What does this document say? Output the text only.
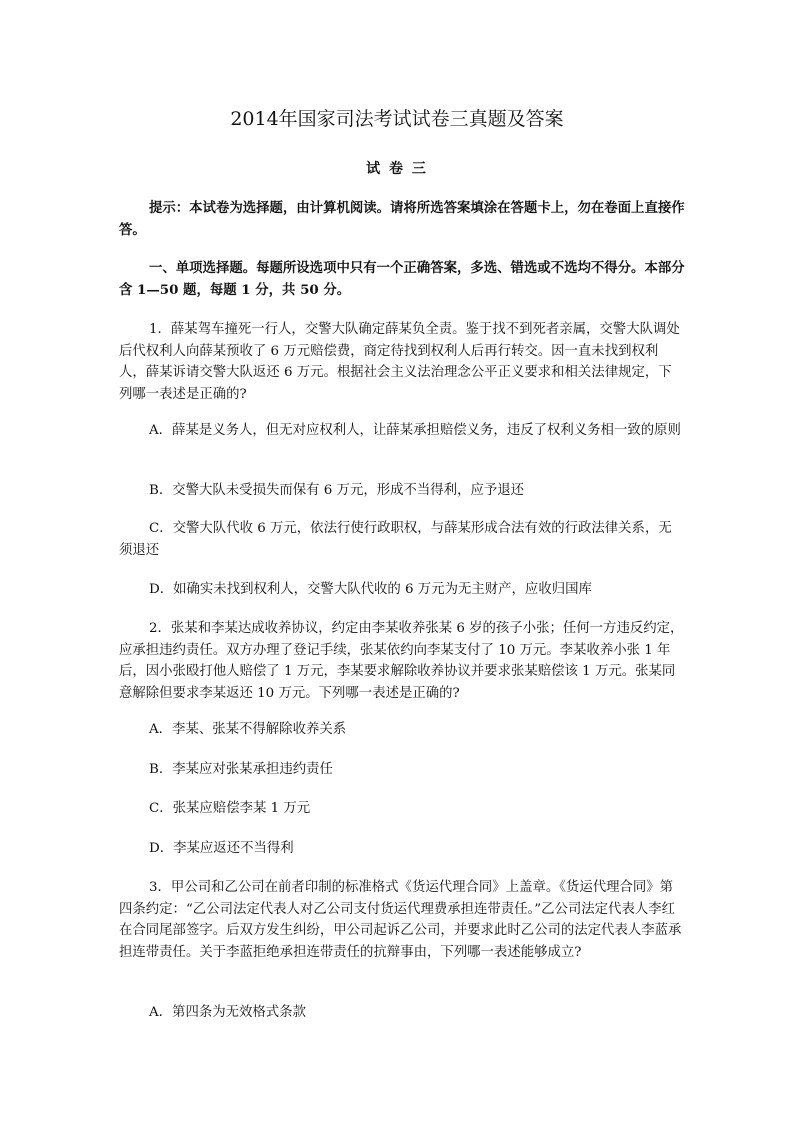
2014年国家司法考试试卷三真题及答案
试 卷 三

提示：本试卷为选择题，由计算机阅读。请将所选答案填涂在答题卡上，勿在卷面上直接作答。

一、单项选择题。每题所设选项中只有一个正确答案，多选、错选或不选均不得分。本部分含 1—50 题，每题 1 分，共 50 分。

1．薛某驾车撞死一行人，交警大队确定薛某负全责。鉴于找不到死者亲属，交警大队调处后代权利人向薛某预收了 6 万元赔偿费，商定待找到权利人后再行转交。因一直未找到权利人，薛某诉请交警大队返还 6 万元。根据社会主义法治理念公平正义要求和相关法律规定，下列哪一表述是正确的?

A．薛某是义务人，但无对应权利人，让薛某承担赔偿义务，违反了权利义务相一致的原则

B．交警大队未受损失而保有 6 万元，形成不当得利，应予退还

C．交警大队代收 6 万元，依法行使行政职权，与薛某形成合法有效的行政法律关系，无须退还

D．如确实未找到权利人，交警大队代收的 6 万元为无主财产，应收归国库

2．张某和李某达成收养协议，约定由李某收养张某 6 岁的孩子小张；任何一方违反约定，应承担违约责任。双方办理了登记手续，张某依约向李某支付了 10 万元。李某收养小张 1 年后，因小张殴打他人赔偿了 1 万元，李某要求解除收养协议并要求张某赔偿该 1 万元。张某同意解除但要求李某返还 10 万元。下列哪一表述是正确的?

A．李某、张某不得解除收养关系

B．李某应对张某承担违约责任

C．张某应赔偿李某 1 万元

D．李某应返还不当得利

3．甲公司和乙公司在前者印制的标准格式《货运代理合同》上盖章。《货运代理合同》第四条约定：“乙公司法定代表人对乙公司支付货运代理费承担连带责任。”乙公司法定代表人李红在合同尾部签字。后双方发生纠纷，甲公司起诉乙公司，并要求此时乙公司的法定代表人李蓝承担连带责任。关于李蓝拒绝承担连带责任的抗辩事由，下列哪一表述能够成立?

A．第四条为无效格式条款
